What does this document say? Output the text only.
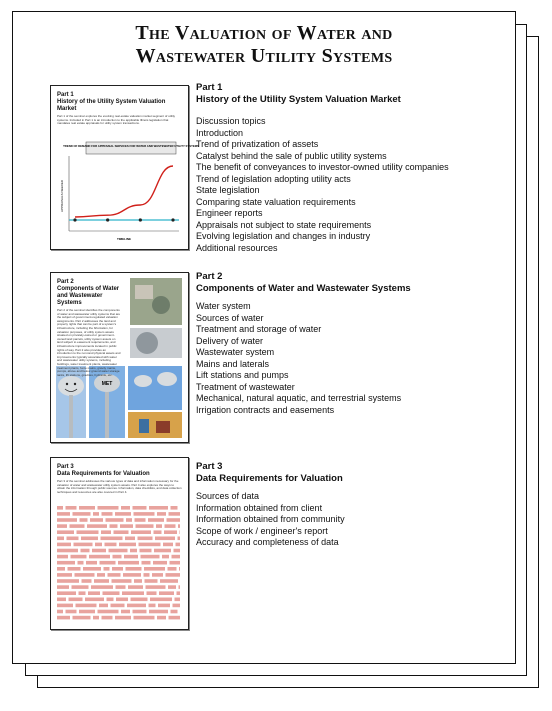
The Valuation of Water and
Wastewater Utility Systems
Part 1
History of the Utility System Valuation Market
Part 1 of the seminar explores the evolving real-estate valuation market segment of utility systems. Included in Part 1 is an introduction to the applicable Illinois legislation that mandates real estate appraisals for utility system transactions.
TREND OF DEMAND FOR APPRAISAL SERVICES FOR WATER AND WASTEWATER UTILITY SYSTEMS
APPRAISALS NEEDED
TIMELINE
MET
Part 2
Components of Water and Wastewater Systems
Part 2 of the seminar identifies the components of water and wastewater utility systems that are the subject of government-regulated valuation assignments. Part 2 addresses the land and property rights that can be part of a system's infrastructure, including the bifurcation, for valuation purposes, of utility system assets situated on privately-owned or government-owned land parcels, utility system assets on land subject to easement requirements, and infrastructure improvements located in public rights of way. Part 2 also provides an introduction to the non-land physical assets and improvements typically associated with water and wastewater utility systems, including buildings, water treatment plants, wastewater treatment plants, force mains, gravity mains, pumps, above and below ground water storage tanks, lift stations, gravities, hydrants, etc.
Part 3
Data Requirements for Valuation
Part 3 of the seminar addresses the various types of data and information necessary for the valuation of water and wastewater utility system assets. Part 4 also explores the ways to obtain the information through public sources. Information, data checklists, and data collection techniques and resources are also covered in Part 4.
Part 1
History of the Utility System Valuation Market
Discussion topics
Introduction
Trend of privatization of assets
Catalyst behind the sale of public utility systems
The benefit of conveyances to investor-owned utility companies
Trend of legislation adopting utility acts
State legislation
Comparing state valuation requirements
Engineer reports
Appraisals not subject to state requirements
Evolving legislation and changes in industry
Additional resources
Part 2
Components of Water and Wastewater Systems
Water system
Sources of water
Treatment and storage of water
Delivery of water
Wastewater system
Mains and laterals
Lift stations and pumps
Treatment of wastewater
Mechanical, natural aquatic, and terrestrial systems
Irrigation contracts and easements
Part 3
Data Requirements for Valuation
Sources of data
Information obtained from client
Information obtained from community
Scope of work / engineer's report
Accuracy and completeness of data
